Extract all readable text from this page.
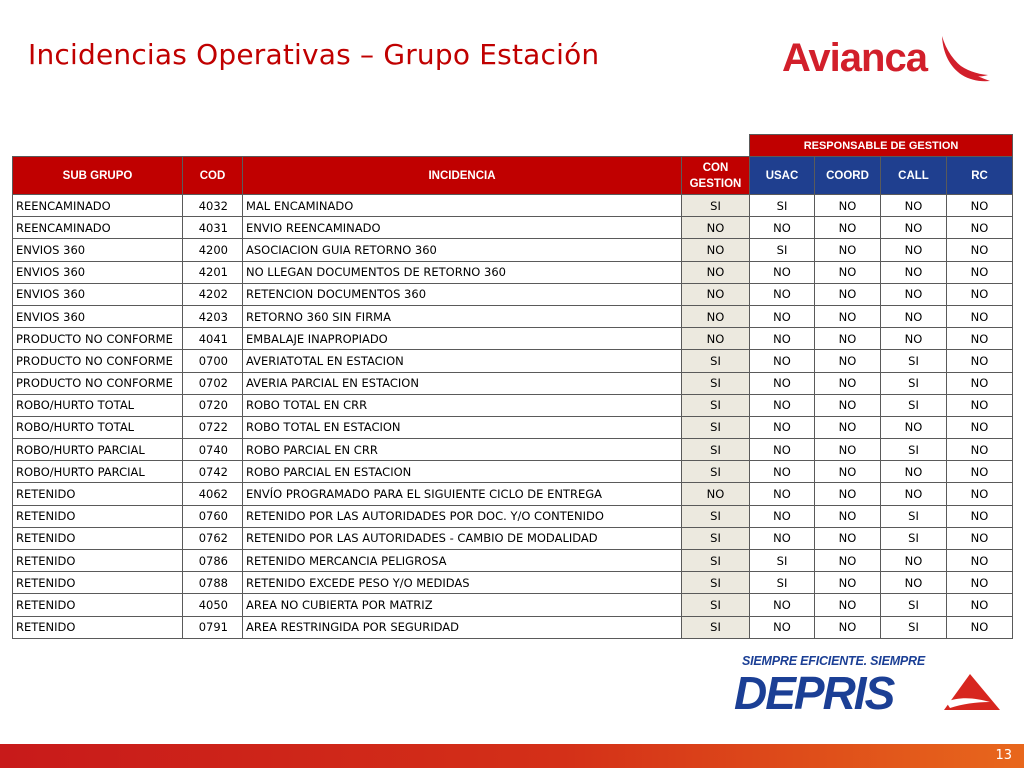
Incidencias Operativas – Grupo Estación	Avianca
				RESPONSABLE DE GESTION			
SUB GRUPO	COD	INCIDENCIA	CON
GESTION	USAC	COORD	CALL	RC
REENCAMINADO	4032	MAL ENCAMINADO	SI	SI	NO	NO	NO
REENCAMINADO	4031	ENVIO REENCAMINADO	NO	NO	NO	NO	NO
ENVIOS 360	4200	ASOCIACION GUIA RETORNO 360	NO	SI	NO	NO	NO
ENVIOS 360	4201	NO LLEGAN DOCUMENTOS DE RETORNO 360	NO	NO	NO	NO	NO
ENVIOS 360	4202	RETENCION DOCUMENTOS 360	NO	NO	NO	NO	NO
ENVIOS 360	4203	RETORNO 360 SIN FIRMA	NO	NO	NO	NO	NO
PRODUCTO NO CONFORME	4041	EMBALAJE INAPROPIADO	NO	NO	NO	NO	NO
PRODUCTO NO CONFORME	0700	AVERIATOTAL EN ESTACION	SI	NO	NO	SI	NO
PRODUCTO NO CONFORME	0702	AVERIA PARCIAL EN ESTACION	SI	NO	NO	SI	NO
ROBO/HURTO TOTAL	0720	ROBO TOTAL EN CRR	SI	NO	NO	SI	NO
ROBO/HURTO TOTAL	0722	ROBO TOTAL EN ESTACION	SI	NO	NO	NO	NO
ROBO/HURTO PARCIAL	0740	ROBO PARCIAL EN CRR	SI	NO	NO	SI	NO
ROBO/HURTO PARCIAL	0742	ROBO PARCIAL EN ESTACION	SI	NO	NO	NO	NO
RETENIDO	4062	ENVÍO PROGRAMADO PARA EL SIGUIENTE CICLO DE ENTREGA	NO	NO	NO	NO	NO
RETENIDO	0760	RETENIDO POR LAS AUTORIDADES POR DOC. Y/O CONTENIDO	SI	NO	NO	SI	NO
RETENIDO	0762	RETENIDO POR LAS AUTORIDADES - CAMBIO DE MODALIDAD	SI	NO	NO	SI	NO
RETENIDO	0786	RETENIDO MERCANCIA PELIGROSA	SI	SI	NO	NO	NO
RETENIDO	0788	RETENIDO EXCEDE PESO Y/O MEDIDAS	SI	SI	NO	NO	NO
RETENIDO	4050	AREA NO CUBIERTA POR MATRIZ	SI	NO	NO	SI	NO
RETENIDO	0791	AREA RESTRINGIDA POR SEGURIDAD	SI	NO	NO	SI	NO
SIEMPRE EFICIENTE. SIEMPRE
DEPRIS
13
